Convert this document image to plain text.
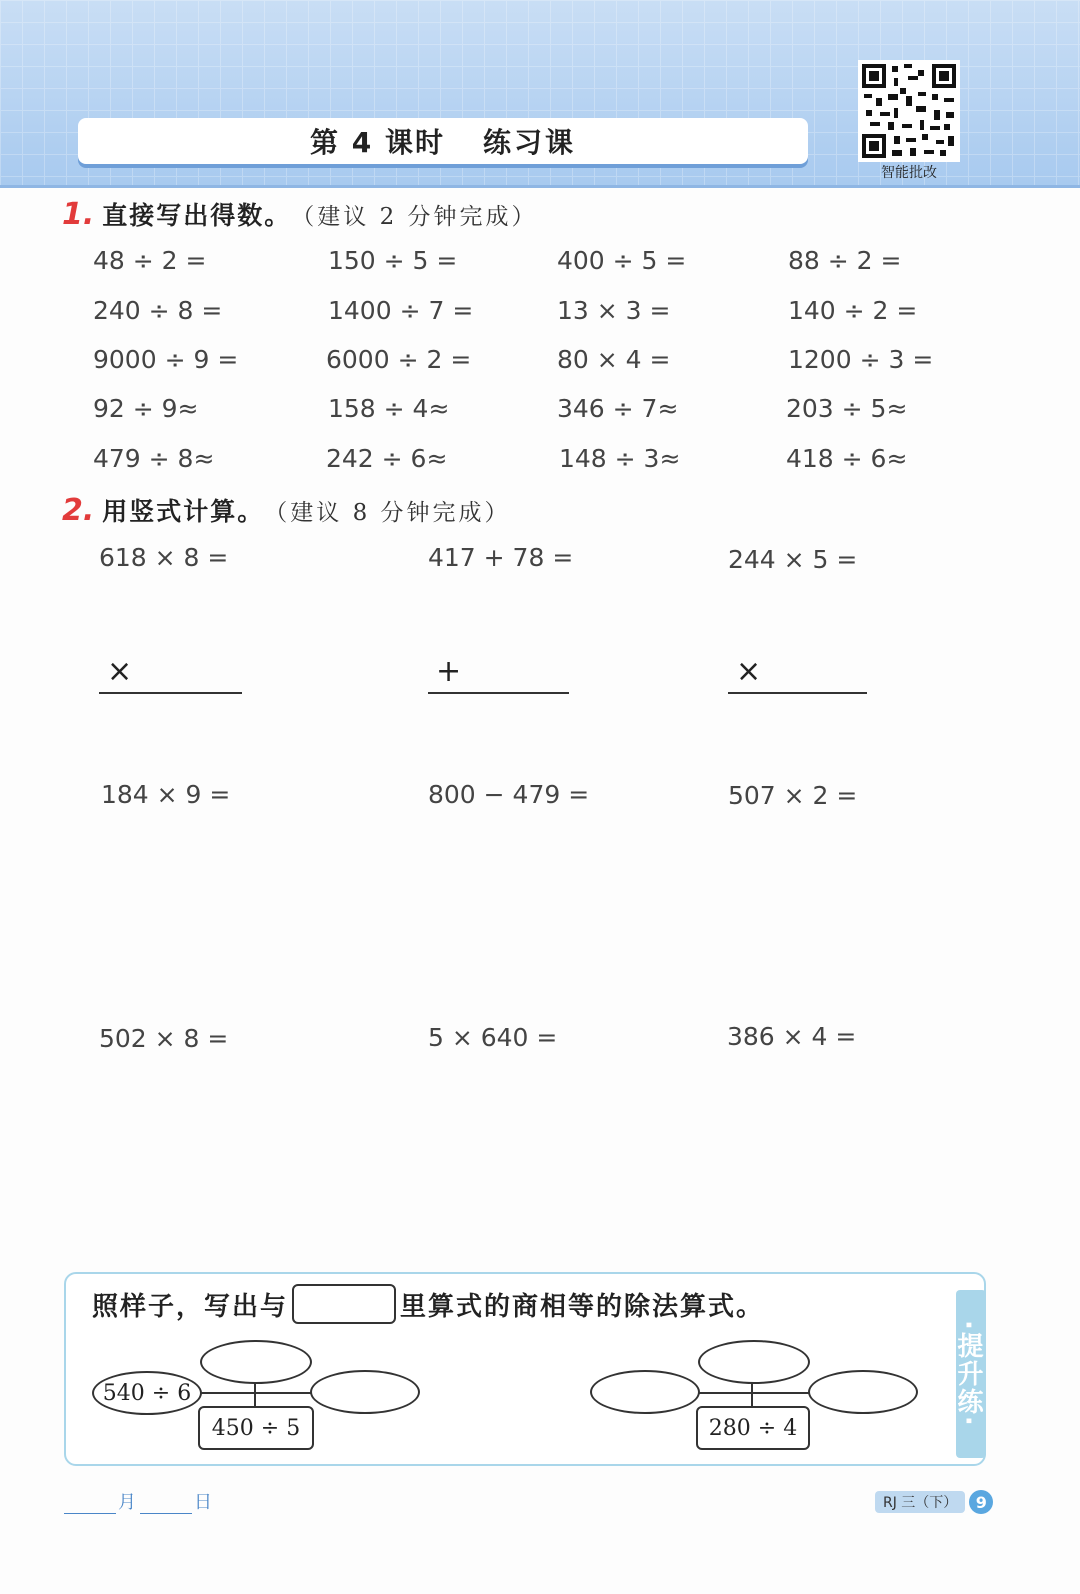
第 4 课时 练习课
智能批改
1. 直接写出得数。 （建议 2 分钟完成）
48 ÷ 2 =	150 ÷ 5 =	400 ÷ 5 =	88 ÷ 2 =
240 ÷ 8 =	1400 ÷ 7 =	13 × 3 =	140 ÷ 2 =
9000 ÷ 9 =	6000 ÷ 2 =	80 × 4 =	1200 ÷ 3 =
92 ÷ 9≈	158 ÷ 4≈	346 ÷ 7≈	203 ÷ 5≈
479 ÷ 8≈	242 ÷ 6≈	148 ÷ 3≈	418 ÷ 6≈
2. 用竖式计算。 （建议 8 分钟完成）
618 × 8 =	417 + 78 =	244 × 5 =
×	+	×
184 × 9 =	800 − 479 =	507 × 2 =
502 × 8 =	5 × 640 =	386 × 4 =
·提升练·
照样子，写出与	里算式的商相等的除法算式。
540 ÷ 6
450 ÷ 5	280 ÷ 4
月	日	RJ 三（下）	9
